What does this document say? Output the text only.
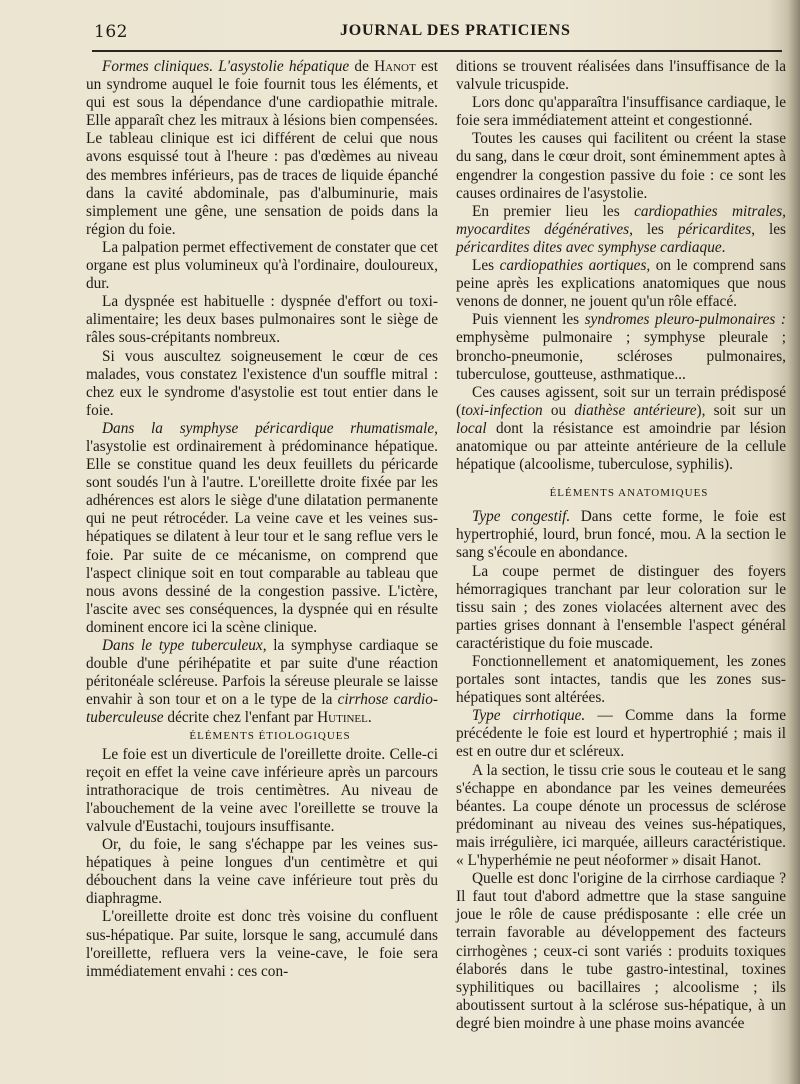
162	JOURNAL DES PRATICIENS

Formes cliniques. L'asystolie hépatique de Hanot est un syndrome auquel le foie fournit tous les éléments, et qui est sous la dépendance d'une cardiopathie mitrale. Elle apparaît chez les mitraux à lésions bien compensées. Le tableau clinique est ici différent de celui que nous avons esquissé tout à l'heure : pas d'œdèmes au niveau des membres inférieurs, pas de traces de liquide épanché dans la cavité abdominale, pas d'albuminurie, mais simplement une gêne, une sensation de poids dans la région du foie.

La palpation permet effectivement de constater que cet organe est plus volumineux qu'à l'ordinaire, douloureux, dur.

La dyspnée est habituelle : dyspnée d'effort ou toxi-alimentaire; les deux bases pulmonaires sont le siège de râles sous-crépitants nombreux.

Si vous auscultez soigneusement le cœur de ces malades, vous constatez l'existence d'un souffle mitral : chez eux le syndrome d'asystolie est tout entier dans le foie.

Dans la symphyse péricardique rhumatismale, l'asystolie est ordinairement à prédominance hépatique. Elle se constitue quand les deux feuillets du péricarde sont soudés l'un à l'autre. L'oreillette droite fixée par les adhérences est alors le siège d'une dilatation permanente qui ne peut rétrocéder. La veine cave et les veines sus-hépatiques se dilatent à leur tour et le sang reflue vers le foie. Par suite de ce mécanisme, on comprend que l'aspect clinique soit en tout comparable au tableau que nous avons dessiné de la congestion passive. L'ictère, l'ascite avec ses conséquences, la dyspnée qui en résulte dominent encore ici la scène clinique.

Dans le type tuberculeux, la symphyse cardiaque se double d'une périhépatite et par suite d'une réaction péritonéale scléreuse. Parfois la séreuse pleurale se laisse envahir à son tour et on a le type de la cirrhose cardio-tuberculeuse décrite chez l'enfant par Hutinel.

ÉLÉMENTS ÉTIOLOGIQUES

Le foie est un diverticule de l'oreillette droite. Celle-ci reçoit en effet la veine cave inférieure après un parcours intrathoracique de trois centimètres. Au niveau de l'abouchement de la veine avec l'oreillette se trouve la valvule d'Eustachi, toujours insuffisante.

Or, du foie, le sang s'échappe par les veines sus-hépatiques à peine longues d'un centimètre et qui débouchent dans la veine cave inférieure tout près du diaphragme.

L'oreillette droite est donc très voisine du confluent sus-hépatique. Par suite, lorsque le sang, accumulé dans l'oreillette, refluera vers la veine-cave, le foie sera immédiatement envahi : ces con-

ditions se trouvent réalisées dans l'insuffisance de la valvule tricuspide.

Lors donc qu'apparaîtra l'insuffisance cardiaque, le foie sera immédiatement atteint et congestionné.

Toutes les causes qui facilitent ou créent la stase du sang, dans le cœur droit, sont éminemment aptes à engendrer la congestion passive du foie : ce sont les causes ordinaires de l'asystolie.

En premier lieu les cardiopathies mitrales, myocardites dégénératives, les péricardites, les péricardites dites avec symphyse cardiaque.

Les cardiopathies aortiques, on le comprend sans peine après les explications anatomiques que nous venons de donner, ne jouent qu'un rôle effacé.

Puis viennent les syndromes pleuro-pulmonaires : emphysème pulmonaire ; symphyse pleurale ; broncho-pneumonie, scléroses pulmonaires, tuberculose, goutteuse, asthmatique...

Ces causes agissent, soit sur un terrain prédisposé (toxi-infection ou diathèse antérieure), soit sur un local dont la résistance est amoindrie par lésion anatomique ou par atteinte antérieure de la cellule hépatique (alcoolisme, tuberculose, syphilis).

ÉLÉMENTS ANATOMIQUES

Type congestif. Dans cette forme, le foie est hypertrophié, lourd, brun foncé, mou. A la section le sang s'écoule en abondance.

La coupe permet de distinguer des foyers hémorragiques tranchant par leur coloration sur le tissu sain ; des zones violacées alternent avec des parties grises donnant à l'ensemble l'aspect général caractéristique du foie muscade.

Fonctionnellement et anatomiquement, les zones portales sont intactes, tandis que les zones sus-hépatiques sont altérées.

Type cirrhotique. — Comme dans la forme précédente le foie est lourd et hypertrophié ; mais il est en outre dur et scléreux.

A la section, le tissu crie sous le couteau et le sang s'échappe en abondance par les veines demeurées béantes. La coupe dénote un processus de sclérose prédominant au niveau des veines sus-hépatiques, mais irrégulière, ici marquée, ailleurs caractéristique. « L'hyperhémie ne peut néoformer » disait Hanot.

Quelle est donc l'origine de la cirrhose cardiaque ? Il faut tout d'abord admettre que la stase sanguine joue le rôle de cause prédisposante : elle crée un terrain favorable au développement des facteurs cirrhogènes ; ceux-ci sont variés : produits toxiques élaborés dans le tube gastro-intestinal, toxines syphilitiques ou bacillaires ; alcoolisme ; ils aboutissent surtout à la sclérose sus-hépatique, à un degré bien moindre à une phase moins avancée
